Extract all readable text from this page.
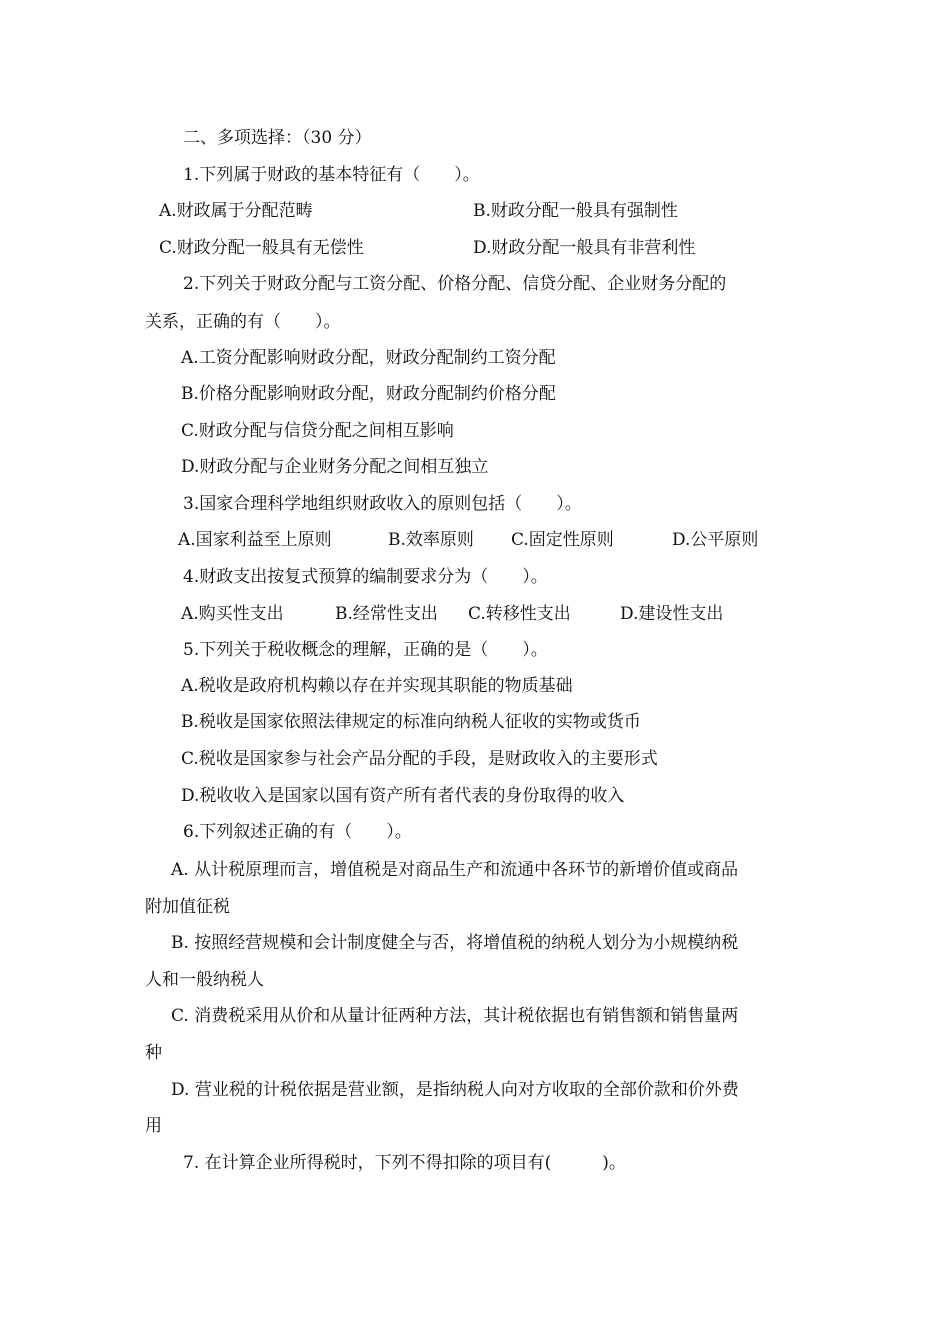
二、多项选择：（30 分）
1.下列属于财政的基本特征有（　　）。
A.财政属于分配范畴	B.财政分配一般具有强制性
C.财政分配一般具有无偿性	D.财政分配一般具有非营利性
2.下列关于财政分配与工资分配、价格分配、信贷分配、企业财务分配的
关系，正确的有（　　）。
A.工资分配影响财政分配，财政分配制约工资分配
B.价格分配影响财政分配，财政分配制约价格分配
C.财政分配与信贷分配之间相互影响
D.财政分配与企业财务分配之间相互独立
3.国家合理科学地组织财政收入的原则包括（　　）。
A.国家利益至上原则	B.效率原则 C.固定性原则	D.公平原则
4.财政支出按复式预算的编制要求分为（　　）。
A.购买性支出	B.经常性支出 C.转移性支出	D.建设性支出
5.下列关于税收概念的理解，正确的是（　　）。
A.税收是政府机构赖以存在并实现其职能的物质基础
B.税收是国家依照法律规定的标准向纳税人征收的实物或货币
C.税收是国家参与社会产品分配的手段，是财政收入的主要形式
D.税收收入是国家以国有资产所有者代表的身份取得的收入
6.下列叙述正确的有（　　）。
A. 从计税原理而言，增值税是对商品生产和流通中各环节的新增价值或商品
附加值征税
B. 按照经营规模和会计制度健全与否，将增值税的纳税人划分为小规模纳税
人和一般纳税人
C. 消费税采用从价和从量计征两种方法，其计税依据也有销售额和销售量两
种
D. 营业税的计税依据是营业额，是指纳税人向对方收取的全部价款和价外费
用
7. 在计算企业所得税时，下列不得扣除的项目有(　　　)。
